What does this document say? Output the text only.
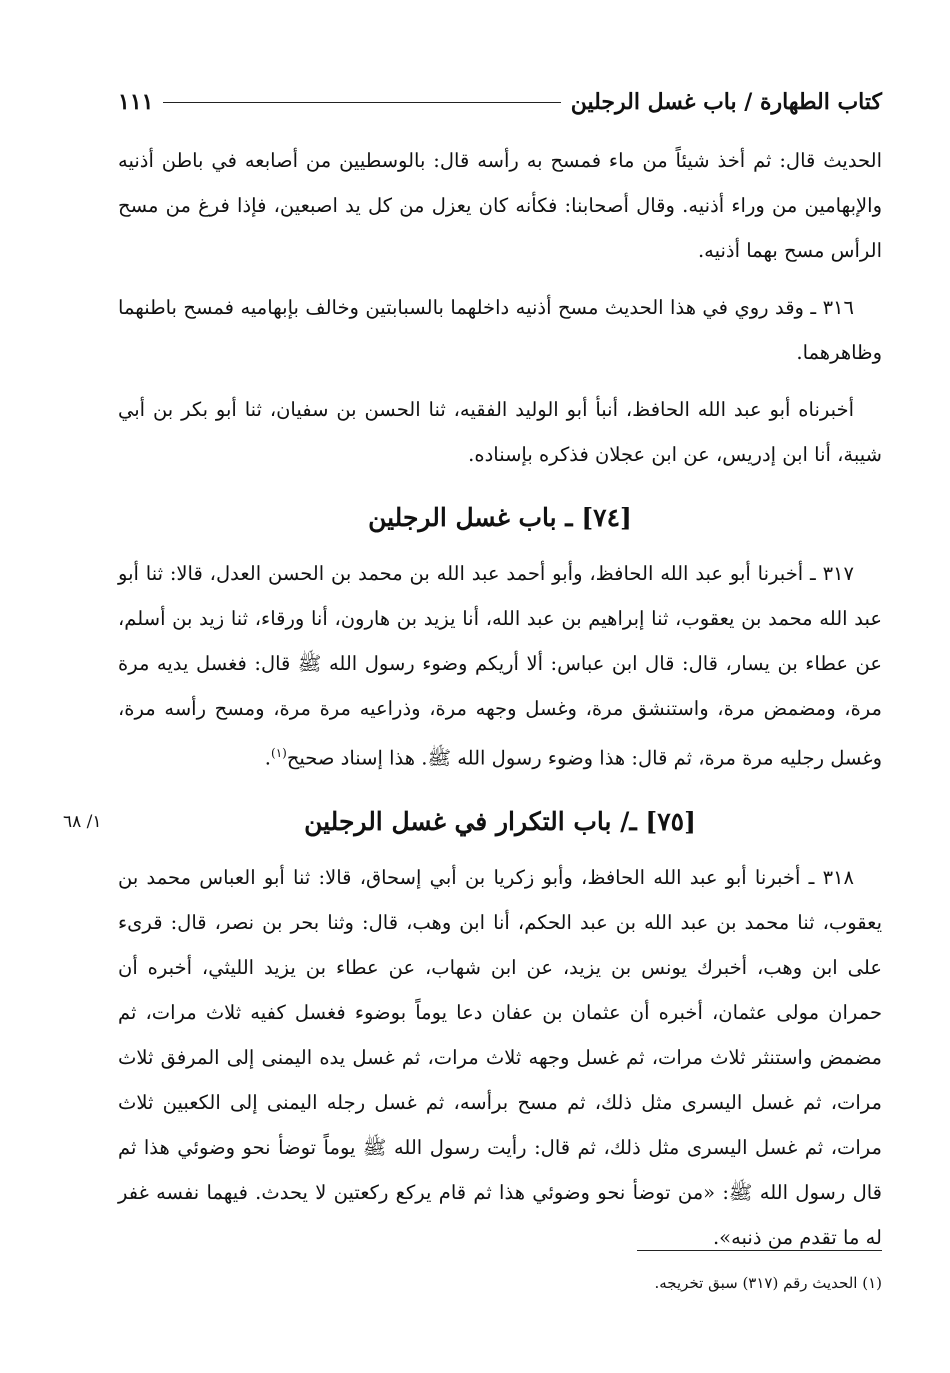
كتاب الطهارة / باب غسل الرجلين
١١١

الحديث قال: ثم أخذ شيئاً من ماء فمسح به رأسه قال: بالوسطيين من أصابعه في باطن أذنيه والإبهامين من وراء أذنيه. وقال أصحابنا: فكأنه كان يعزل من كل يد اصبعين، فإذا فرغ من مسح الرأس مسح بهما أذنيه.

٣١٦ ـ وقد روي في هذا الحديث مسح أذنيه داخلهما بالسبابتين وخالف بإبهاميه فمسح باطنهما وظاهرهما.

أخبرناه أبو عبد الله الحافظ، أنبأ أبو الوليد الفقيه، ثنا الحسن بن سفيان، ثنا أبو بكر بن أبي شيبة، أنا ابن إدريس، عن ابن عجلان فذكره بإسناده.

[٧٤] ـ باب غسل الرجلين

٣١٧ ـ أخبرنا أبو عبد الله الحافظ، وأبو أحمد عبد الله بن محمد بن الحسن العدل، قالا: ثنا أبو عبد الله محمد بن يعقوب، ثنا إبراهيم بن عبد الله، أنا يزيد بن هارون، أنا ورقاء، ثنا زيد بن أسلم، عن عطاء بن يسار، قال: قال ابن عباس: ألا أريكم وضوء رسول الله ﷺ قال: فغسل يديه مرة مرة، ومضمض مرة، واستنشق مرة، وغسل وجهه مرة، وذراعيه مرة مرة، ومسح رأسه مرة، وغسل رجليه مرة مرة، ثم قال: هذا وضوء رسول الله ﷺ. هذا إسناد صحيح$^{(١)}$.

[٧٥] ـ/ باب التكرار في غسل الرجلين
١/ ٦٨

٣١٨ ـ أخبرنا أبو عبد الله الحافظ، وأبو زكريا بن أبي إسحاق، قالا: ثنا أبو العباس محمد بن يعقوب، ثنا محمد بن عبد الله بن عبد الحكم، أنا ابن وهب، قال: وثنا بحر بن نصر، قال: قرىء على ابن وهب، أخبرك يونس بن يزيد، عن ابن شهاب، عن عطاء بن يزيد الليثي، أخبره أن حمران مولى عثمان، أخبره أن عثمان بن عفان دعا يوماً بوضوء فغسل كفيه ثلاث مرات، ثم مضمض واستنثر ثلاث مرات، ثم غسل وجهه ثلاث مرات، ثم غسل يده اليمنى إلى المرفق ثلاث مرات، ثم غسل اليسرى مثل ذلك، ثم مسح برأسه، ثم غسل رجله اليمنى إلى الكعبين ثلاث مرات، ثم غسل اليسرى مثل ذلك، ثم قال: رأيت رسول الله ﷺ يوماً توضأ نحو وضوئي هذا ثم قال رسول الله ﷺ: «من توضأ نحو وضوئي هذا ثم قام يركع ركعتين لا يحدث. فيهما نفسه غفر له ما تقدم من ذنبه».

(١) الحديث رقم (٣١٧) سبق تخريجه.
